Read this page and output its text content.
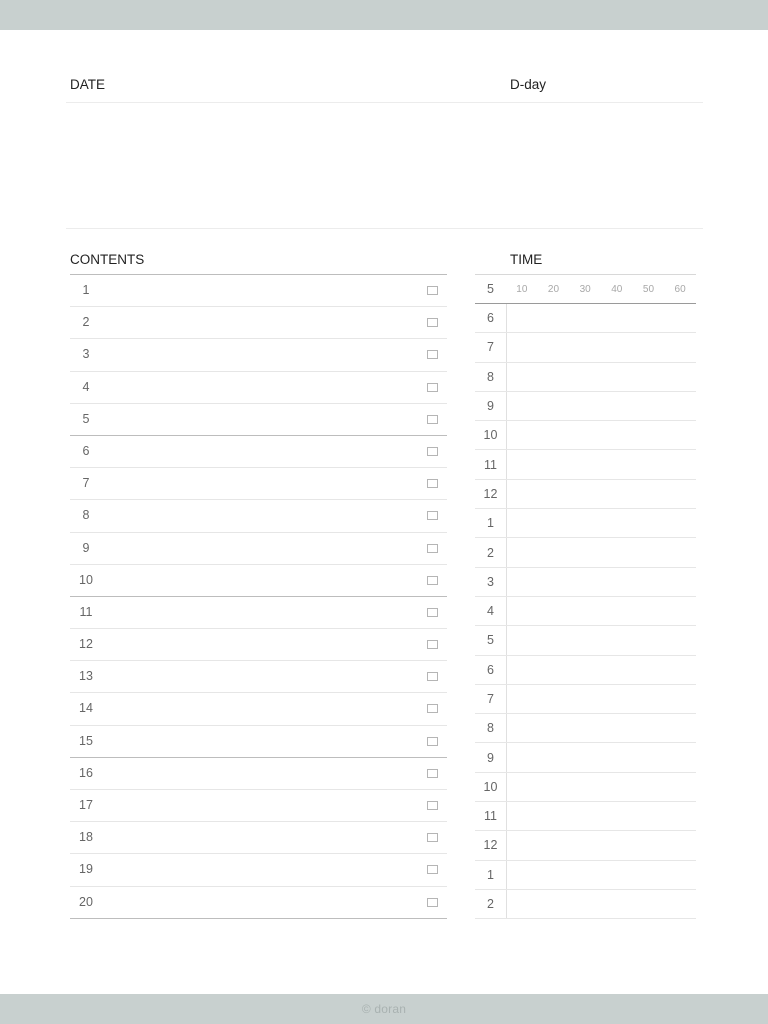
DATE	D-day
CONTENTS	TIME
1
2
3
4
5
6
7
8
9
10
11
12
13
14
15
16
17
18
19
20
5	10 20 30 40 50 60
6
7
8
9
10
11
12
1
2
3
4
5
6
7
8
9
10
11
12
1
2
© doran
